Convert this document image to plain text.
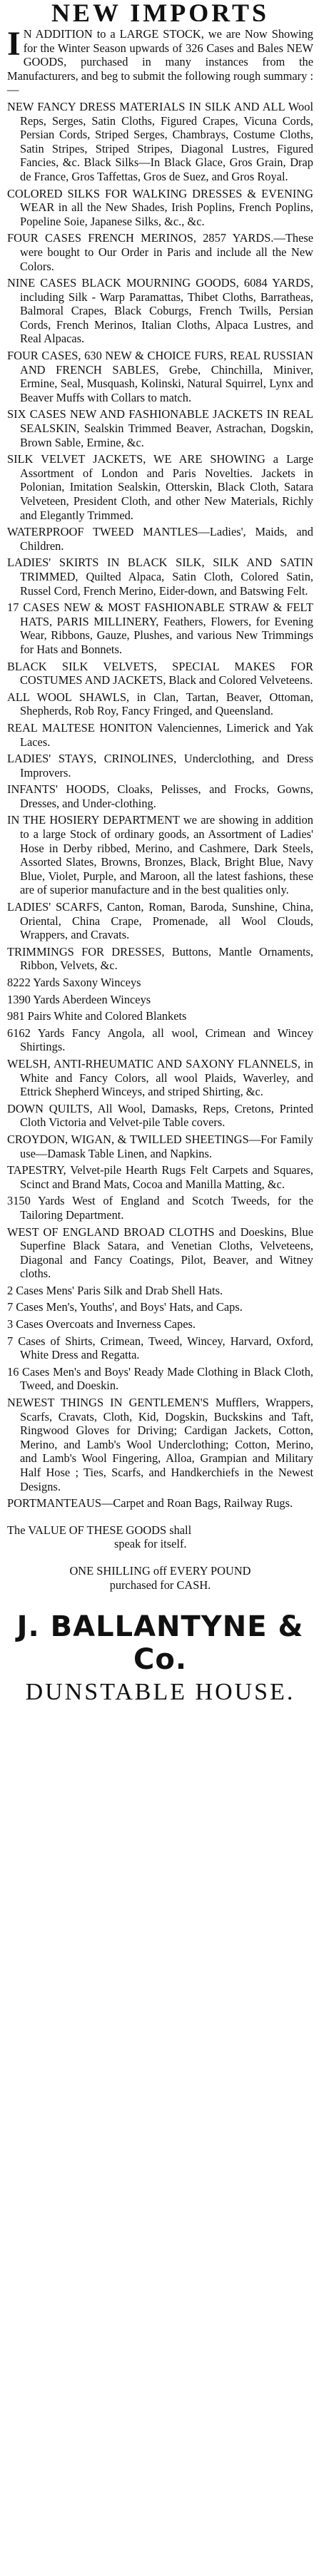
NEW IMPORTS

I N ADDITION to a LARGE STOCK, we are Now Showing for the Winter Season upwards of 326 Cases and Bales NEW GOODS, purchased in many instances from the Manufacturers, and beg to submit the following rough summary :—

NEW FANCY DRESS MATERIALS IN SILK AND ALL Wool Reps, Serges, Satin Cloths, Figured Crapes, Vicuna Cords, Persian Cords, Striped Serges, Chambrays, Costume Cloths, Satin Stripes, Striped Stripes, Diagonal Lustres, Figured Fancies, &c. Black Silks—In Black Glace, Gros Grain, Drap de France, Gros Taffettas, Gros de Suez, and Gros Royal.

COLORED SILKS FOR WALKING DRESSES & EVENING WEAR in all the New Shades, Irish Poplins, French Poplins, Popeline Soie, Japanese Silks, &c., &c.

FOUR CASES FRENCH MERINOS, 2857 YARDS.—These were bought to Our Order in Paris and include all the New Colors.

NINE CASES BLACK MOURNING GOODS, 6084 YARDS, including Silk - Warp Paramattas, Thibet Cloths, Barratheas, Balmoral Crapes, Black Coburgs, French Twills, Persian Cords, French Merinos, Italian Cloths, Alpaca Lustres, and Real Alpacas.

FOUR CASES, 630 NEW & CHOICE FURS, REAL RUSSIAN AND FRENCH SABLES, Grebe, Chinchilla, Miniver, Ermine, Seal, Musquash, Kolinski, Natural Squirrel, Lynx and Beaver Muffs with Collars to match.

SIX CASES NEW AND FASHIONABLE JACKETS IN REAL SEALSKIN, Sealskin Trimmed Beaver, Astrachan, Dogskin, Brown Sable, Ermine, &c.

SILK VELVET JACKETS, WE ARE SHOWING a Large Assortment of London and Paris Novelties. Jackets in Polonian, Imitation Sealskin, Otterskin, Black Cloth, Satara Velveteen, President Cloth, and other New Materials, Richly and Elegantly Trimmed.

WATERPROOF TWEED MANTLES—Ladies', Maids, and Children.

LADIES' SKIRTS IN BLACK SILK, SILK AND SATIN TRIMMED, Quilted Alpaca, Satin Cloth, Colored Satin, Russel Cord, French Merino, Eider-down, and Batswing Felt.

17 CASES NEW & MOST FASHIONABLE STRAW & FELT HATS, PARIS MILLINERY, Feathers, Flowers, for Evening Wear, Ribbons, Gauze, Plushes, and various New Trimmings for Hats and Bonnets.

BLACK SILK VELVETS, SPECIAL MAKES FOR COSTUMES AND JACKETS, Black and Colored Velveteens.

ALL WOOL SHAWLS, in Clan, Tartan, Beaver, Ottoman, Shepherds, Rob Roy, Fancy Fringed, and Queensland.

REAL MALTESE HONITON Valenciennes, Limerick and Yak Laces.

LADIES' STAYS, CRINOLINES, Underclothing, and Dress Improvers.

INFANTS' HOODS, Cloaks, Pelisses, and Frocks, Gowns, Dresses, and Under-clothing.

IN THE HOSIERY DEPARTMENT we are showing in addition to a large Stock of ordinary goods, an Assortment of Ladies' Hose in Derby ribbed, Merino, and Cashmere, Dark Steels, Assorted Slates, Browns, Bronzes, Black, Bright Blue, Navy Blue, Violet, Purple, and Maroon, all the latest fashions, these are of superior manufacture and in the best qualities only.

LADIES' SCARFS, Canton, Roman, Baroda, Sunshine, China, Oriental, China Crape, Promenade, all Wool Clouds, Wrappers, and Cravats.

TRIMMINGS FOR DRESSES, Buttons, Mantle Ornaments, Ribbon, Velvets, &c.

8222 Yards Saxony Winceys

1390 Yards Aberdeen Winceys

981 Pairs White and Colored Blankets

6162 Yards Fancy Angola, all wool, Crimean and Wincey Shirtings.

WELSH, ANTI-RHEUMATIC AND SAXONY FLANNELS, in White and Fancy Colors, all wool Plaids, Waverley, and Ettrick Shepherd Winceys, and striped Shirting, &c.

DOWN QUILTS, All Wool, Damasks, Reps, Cretons, Printed Cloth Victoria and Velvet-pile Table covers.

CROYDON, WIGAN, & TWILLED SHEETINGS—For Family use—Damask Table Linen, and Napkins.

TAPESTRY, Velvet-pile Hearth Rugs Felt Carpets and Squares, Scinct and Brand Mats, Cocoa and Manilla Matting, &c.

3150 Yards West of England and Scotch Tweeds, for the Tailoring Department.

WEST OF ENGLAND BROAD CLOTHS and Doeskins, Blue Superfine Black Satara, and Venetian Cloths, Velveteens, Diagonal and Fancy Coatings, Pilot, Beaver, and Witney cloths.

2 Cases Mens' Paris Silk and Drab Shell Hats.

7 Cases Men's, Youths', and Boys' Hats, and Caps.

3 Cases Overcoats and Inverness Capes.

7 Cases of Shirts, Crimean, Tweed, Wincey, Harvard, Oxford, White Dress and Regatta.

16 Cases Men's and Boys' Ready Made Clothing in Black Cloth, Tweed, and Doeskin.

NEWEST THINGS IN GENTLEMEN'S Mufflers, Wrappers, Scarfs, Cravats, Cloth, Kid, Dogskin, Buckskins and Taft, Ringwood Gloves for Driving; Cardigan Jackets, Cotton, Merino, and Lamb's Wool Underclothing; Cotton, Merino, and Lamb's Wool Fingering, Alloa, Grampian and Military Half Hose ; Ties, Scarfs, and Handkerchiefs in the Newest Designs.

PORTMANTEAUS—Carpet and Roan Bags, Railway Rugs.

The VALUE OF THESE GOODS shall
speak for itself.

ONE SHILLING off EVERY POUND
purchased for CASH.

J. BALLANTYNE & Co.
DUNSTABLE HOUSE.
